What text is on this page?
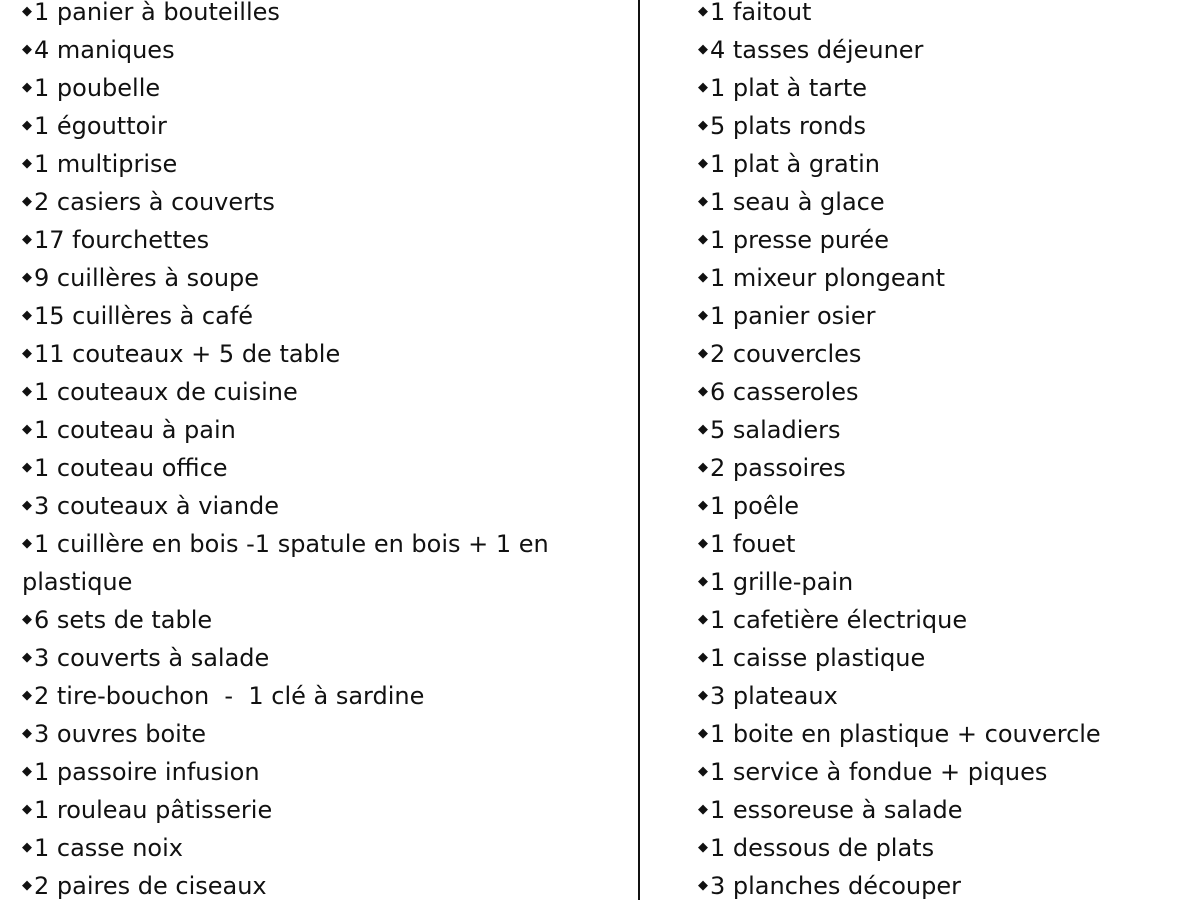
◆1 panier à bouteilles
◆4 maniques
◆1 poubelle
◆1 égouttoir
◆1 multiprise
◆2 casiers à couverts
◆17 fourchettes
◆9 cuillères à soupe
◆15 cuillères à café
◆11 couteaux + 5 de table
◆1 couteaux de cuisine
◆1 couteau à pain
◆1 couteau office
◆3 couteaux à viande
◆1 cuillère en bois -1 spatule en bois + 1 en plastique
◆6 sets de table
◆3 couverts à salade
◆2 tire-bouchon  -  1 clé à sardine
◆3 ouvres boite
◆1 passoire infusion
◆1 rouleau pâtisserie
◆1 casse noix
◆2 paires de ciseaux
◆1 faitout
◆4 tasses déjeuner
◆1 plat à tarte
◆5 plats ronds
◆1 plat à gratin
◆1 seau à glace
◆1 presse purée
◆1 mixeur plongeant
◆1 panier osier
◆2 couvercles
◆6 casseroles
◆5 saladiers
◆2 passoires
◆1 poêle
◆1 fouet
◆1 grille-pain
◆1 cafetière électrique
◆1 caisse plastique
◆3 plateaux
◆1 boite en plastique + couvercle
◆1 service à fondue + piques
◆1 essoreuse à salade
◆1 dessous de plats
◆3 planches découper
